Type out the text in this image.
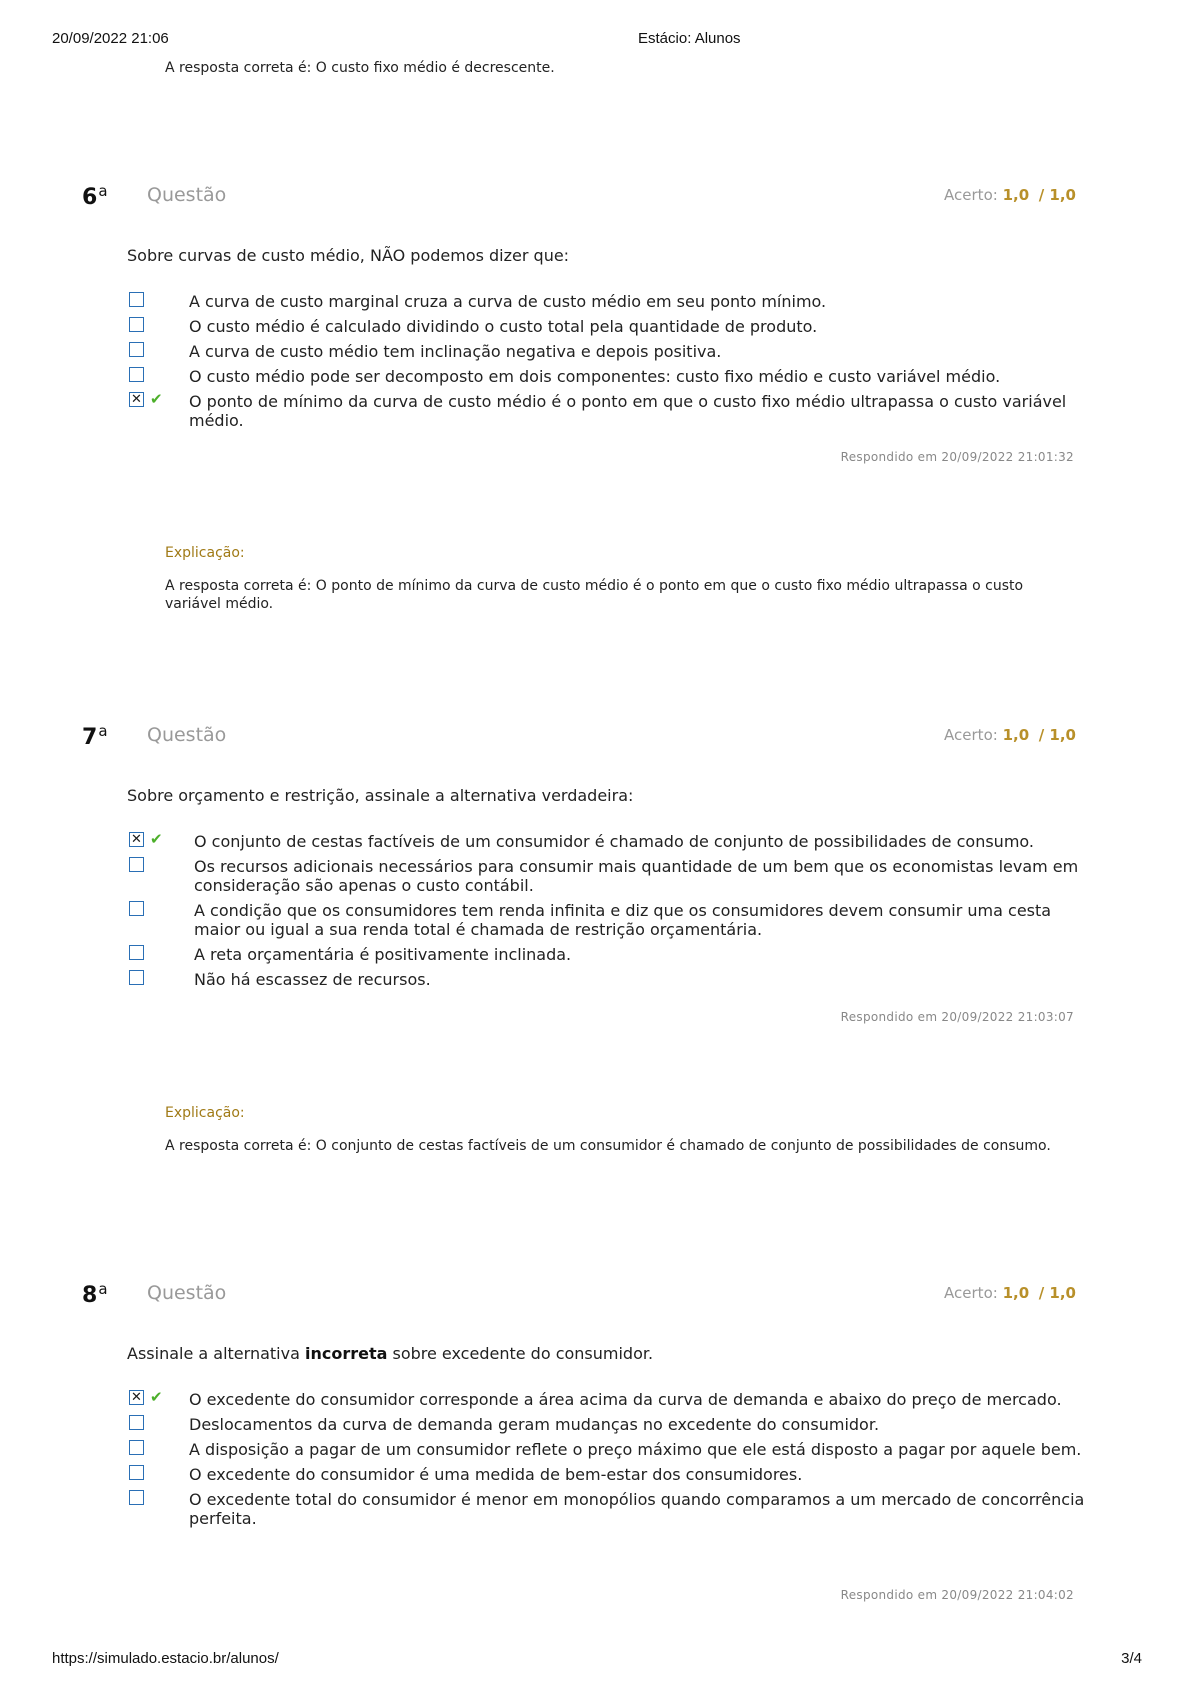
20/09/2022 21:06	Estácio: Alunos
A resposta correta é: O custo fixo médio é decrescente.
6$^a$ Questão	Acerto: 1,0 / 1,0
Sobre curvas de custo médio, NÃO podemos dizer que:
A curva de custo marginal cruza a curva de custo médio em seu ponto mínimo.
O custo médio é calculado dividindo o custo total pela quantidade de produto.
A curva de custo médio tem inclinação negativa e depois positiva.
O custo médio pode ser decomposto em dois componentes: custo fixo médio e custo variável médio.
✕
✔ O ponto de mínimo da curva de custo médio é o ponto em que o custo fixo médio ultrapassa o custo variável médio.
Respondido em 20/09/2022 21:01:32
Explicação:
A resposta correta é: O ponto de mínimo da curva de custo médio é o ponto em que o custo fixo médio ultrapassa o custo variável médio.
7$^a$ Questão	Acerto: 1,0 / 1,0
Sobre orçamento e restrição, assinale a alternativa verdadeira:
✕
✔ O conjunto de cestas factíveis de um consumidor é chamado de conjunto de possibilidades de consumo.
Os recursos adicionais necessários para consumir mais quantidade de um bem que os economistas levam em consideração são apenas o custo contábil.
A condição que os consumidores tem renda infinita e diz que os consumidores devem consumir uma cesta maior ou igual a sua renda total é chamada de restrição orçamentária.
A reta orçamentária é positivamente inclinada.
Não há escassez de recursos.
Respondido em 20/09/2022 21:03:07
Explicação:
A resposta correta é: O conjunto de cestas factíveis de um consumidor é chamado de conjunto de possibilidades de consumo.
8$^a$ Questão	Acerto: 1,0 / 1,0
Assinale a alternativa incorreta sobre excedente do consumidor.
✕
✔ O excedente do consumidor corresponde a área acima da curva de demanda e abaixo do preço de mercado.
Deslocamentos da curva de demanda geram mudanças no excedente do consumidor.
A disposição a pagar de um consumidor reflete o preço máximo que ele está disposto a pagar por aquele bem.
O excedente do consumidor é uma medida de bem-estar dos consumidores.
O excedente total do consumidor é menor em monopólios quando comparamos a um mercado de concorrência perfeita.
Respondido em 20/09/2022 21:04:02
https://simulado.estacio.br/alunos/	3/4
